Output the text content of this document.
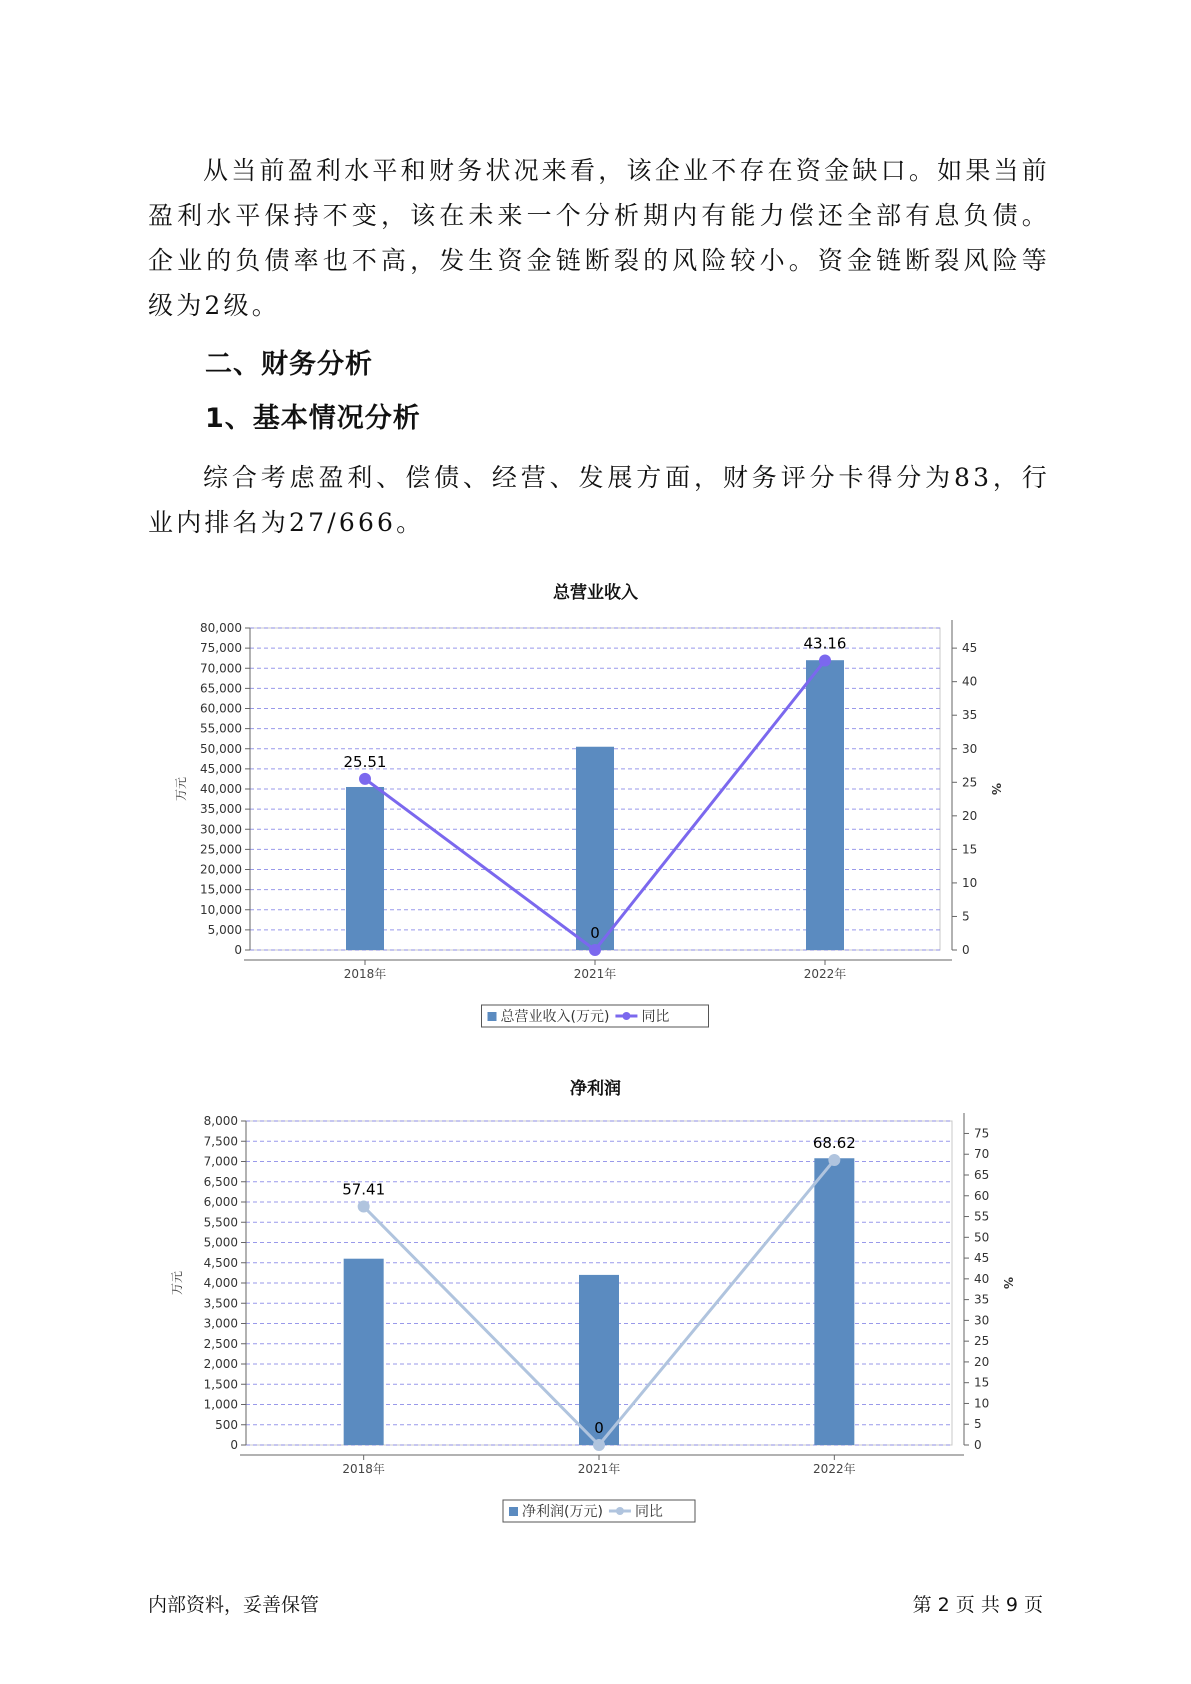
从当前盈利水平和财务状况来看，该企业不存在资金缺口。如果当前盈利水平保持不变，该在未来一个分析期内有能力偿还全部有息负债。企业的负债率也不高，发生资金链断裂的风险较小。资金链断裂风险等级为2级。

二、财务分析
1、基本情况分析

综合考虑盈利、偿债、经营、发展方面，财务评分卡得分为83，行业内排名为27/666。

总营业收入
0
5,000
10,000
15,000
20,000
25,000
30,000
35,000
40,000
45,000
50,000
55,000
60,000
65,000
70,000
75,000
80,000
0
5
10
15
20
25
30
35
40
45
万元	%
2018年	2021年	2022年
25.51
0
43.16
总营业收入(万元) 同比
净利润
0
500
1,000
1,500
2,000
2,500
3,000
3,500
4,000
4,500
5,000
5,500
6,000
6,500
7,000
7,500
8,000
0
5
10
15
20
25
30
35
40
45
50
55
60
65
70
75
万元	%
2018年	2021年	2022年
57.41
0
68.62
净利润(万元) 同比
内部资料，妥善保管	第 2 页 共 9 页
